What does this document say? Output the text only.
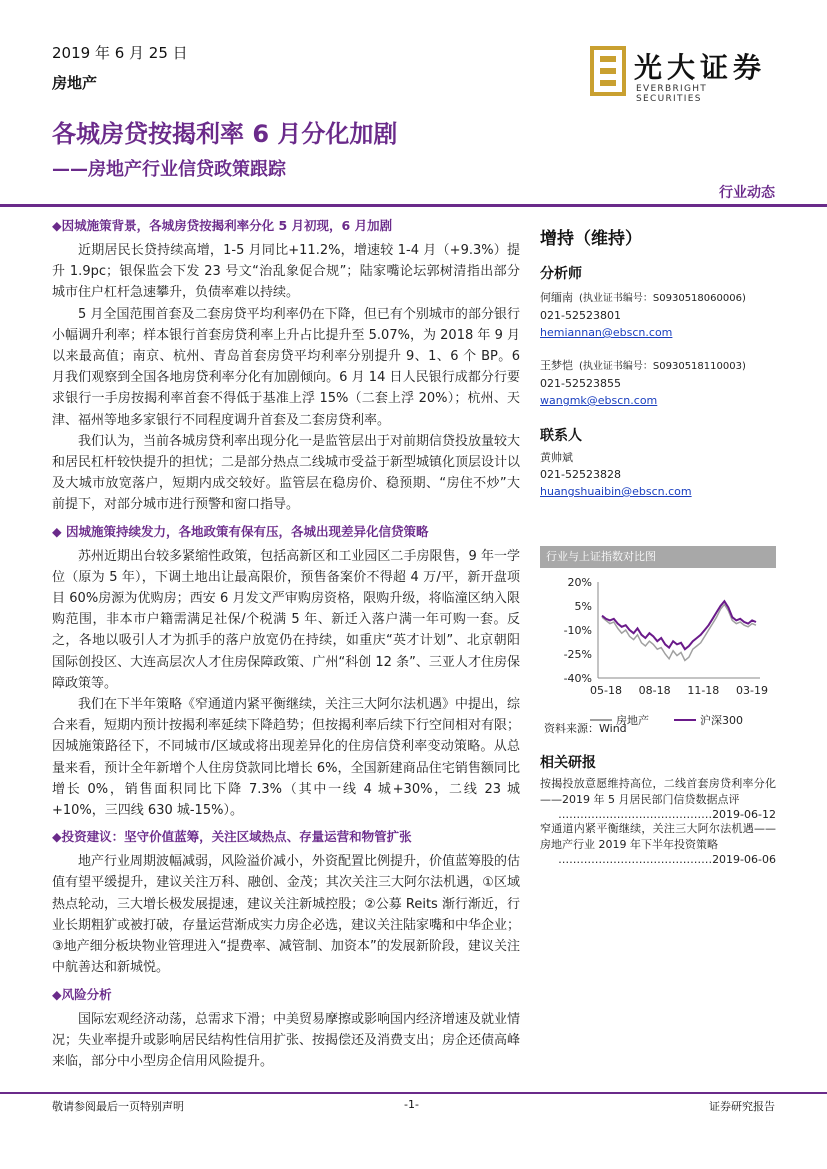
2019 年 6 月 25 日
房地产	光大证券
EVERBRIGHT SECURITIES
各城房贷按揭利率 6 月分化加剧
——房地产行业信贷政策跟踪
行业动态
◆因城施策背景，各城房贷按揭利率分化 5 月初现，6 月加剧

近期居民长贷持续高增，1-5 月同比+11.2%，增速较 1-4 月（+9.3%）提升 1.9pc；银保监会下发 23 号文“治乱象促合规”；陆家嘴论坛郭树清指出部分城市住户杠杆急速攀升，负债率难以持续。

5 月全国范围首套及二套房贷平均利率仍在下降，但已有个别城市的部分银行小幅调升利率；样本银行首套房贷利率上升占比提升至 5.07%，为 2018 年 9 月以来最高值；南京、杭州、青岛首套房贷平均利率分别提升 9、1、6 个 BP。6 月我们观察到全国各地房贷利率分化有加剧倾向。6 月 14 日人民银行成都分行要求银行一手房按揭利率首套不得低于基准上浮 15%（二套上浮 20%）；杭州、天津、福州等地多家银行不同程度调升首套及二套房贷利率。

我们认为，当前各城房贷利率出现分化一是监管层出于对前期信贷投放量较大和居民杠杆较快提升的担忧；二是部分热点二线城市受益于新型城镇化顶层设计以及大城市放宽落户，短期内成交较好。监管层在稳房价、稳预期、“房住不炒”大前提下，对部分城市进行预警和窗口指导。

◆ 因城施策持续发力，各地政策有保有压，各城出现差异化信贷策略

苏州近期出台较多紧缩性政策，包括高新区和工业园区二手房限售，9 年一学位（原为 5 年），下调土地出让最高限价，预售备案价不得超 4 万/平，新开盘项目 60%房源为优购房；西安 6 月发文严审购房资格，限购升级，将临潼区纳入限购范围，非本市户籍需满足社保/个税满 5 年、新迁入落户满一年可购一套。反之，各地以吸引人才为抓手的落户放宽仍在持续，如重庆“英才计划”、北京朝阳国际创投区、大连高层次人才住房保障政策、广州“科创 12 条”、三亚人才住房保障政策等。

我们在下半年策略《窄通道内紧平衡继续，关注三大阿尔法机遇》中提出，综合来看，短期内预计按揭利率延续下降趋势；但按揭利率后续下行空间相对有限；因城施策路径下，不同城市/区域或将出现差异化的住房信贷利率变动策略。从总量来看，预计全年新增个人住房贷款同比增长 6%，全国新建商品住宅销售额同比增长 0%，销售面积同比下降 7.3%（其中一线 4 城+30%，二线 23 城+10%，三四线 630 城-15%）。

◆投资建议：坚守价值蓝筹，关注区域热点、存量运营和物管扩张

地产行业周期波幅减弱，风险溢价减小，外资配置比例提升，价值蓝筹股的估值有望平缓提升，建议关注万科、融创、金茂；其次关注三大阿尔法机遇，①区域热点轮动，三大增长极发展提速，建议关注新城控股；②公募 Reits 渐行渐近，行业长期粗犷或被打破，存量运营渐成实力房企必选，建议关注陆家嘴和中华企业；③地产细分板块物业管理进入“提费率、减管制、加资本”的发展新阶段，建议关注中航善达和新城悦。

◆风险分析

国际宏观经济动荡，总需求下滑；中美贸易摩擦或影响国内经济增速及就业情况；失业率提升或影响居民结构性信用扩张、按揭偿还及消费支出；房企还债高峰来临，部分中小型房企信用风险提升。

增持（维持）
分析师
何缅南 (执业证书编号：S0930518060006)
021-52523801
hemiannan@ebscn.com
王梦恺 (执业证书编号：S0930518110003)
021-52523855
wangmk@ebscn.com
联系人
黄帅斌
021-52523828
huangshuaibin@ebscn.com
行业与上证指数对比图
20%
5%
-10%
-25%
-40%
05-18 08-18 11-18 03-19
房地产	沪深300
资料来源：Wind
相关研报
按揭投放意愿维持高位，二线首套房贷利率分化——2019 年 5 月居民部门信贷数据点评
……………………………………2019-06-12
窄通道内紧平衡继续，关注三大阿尔法机遇——房地产行业 2019 年下半年投资策略
……………………………………2019-06-06
敬请参阅最后一页特别声明	-1-	证券研究报告
